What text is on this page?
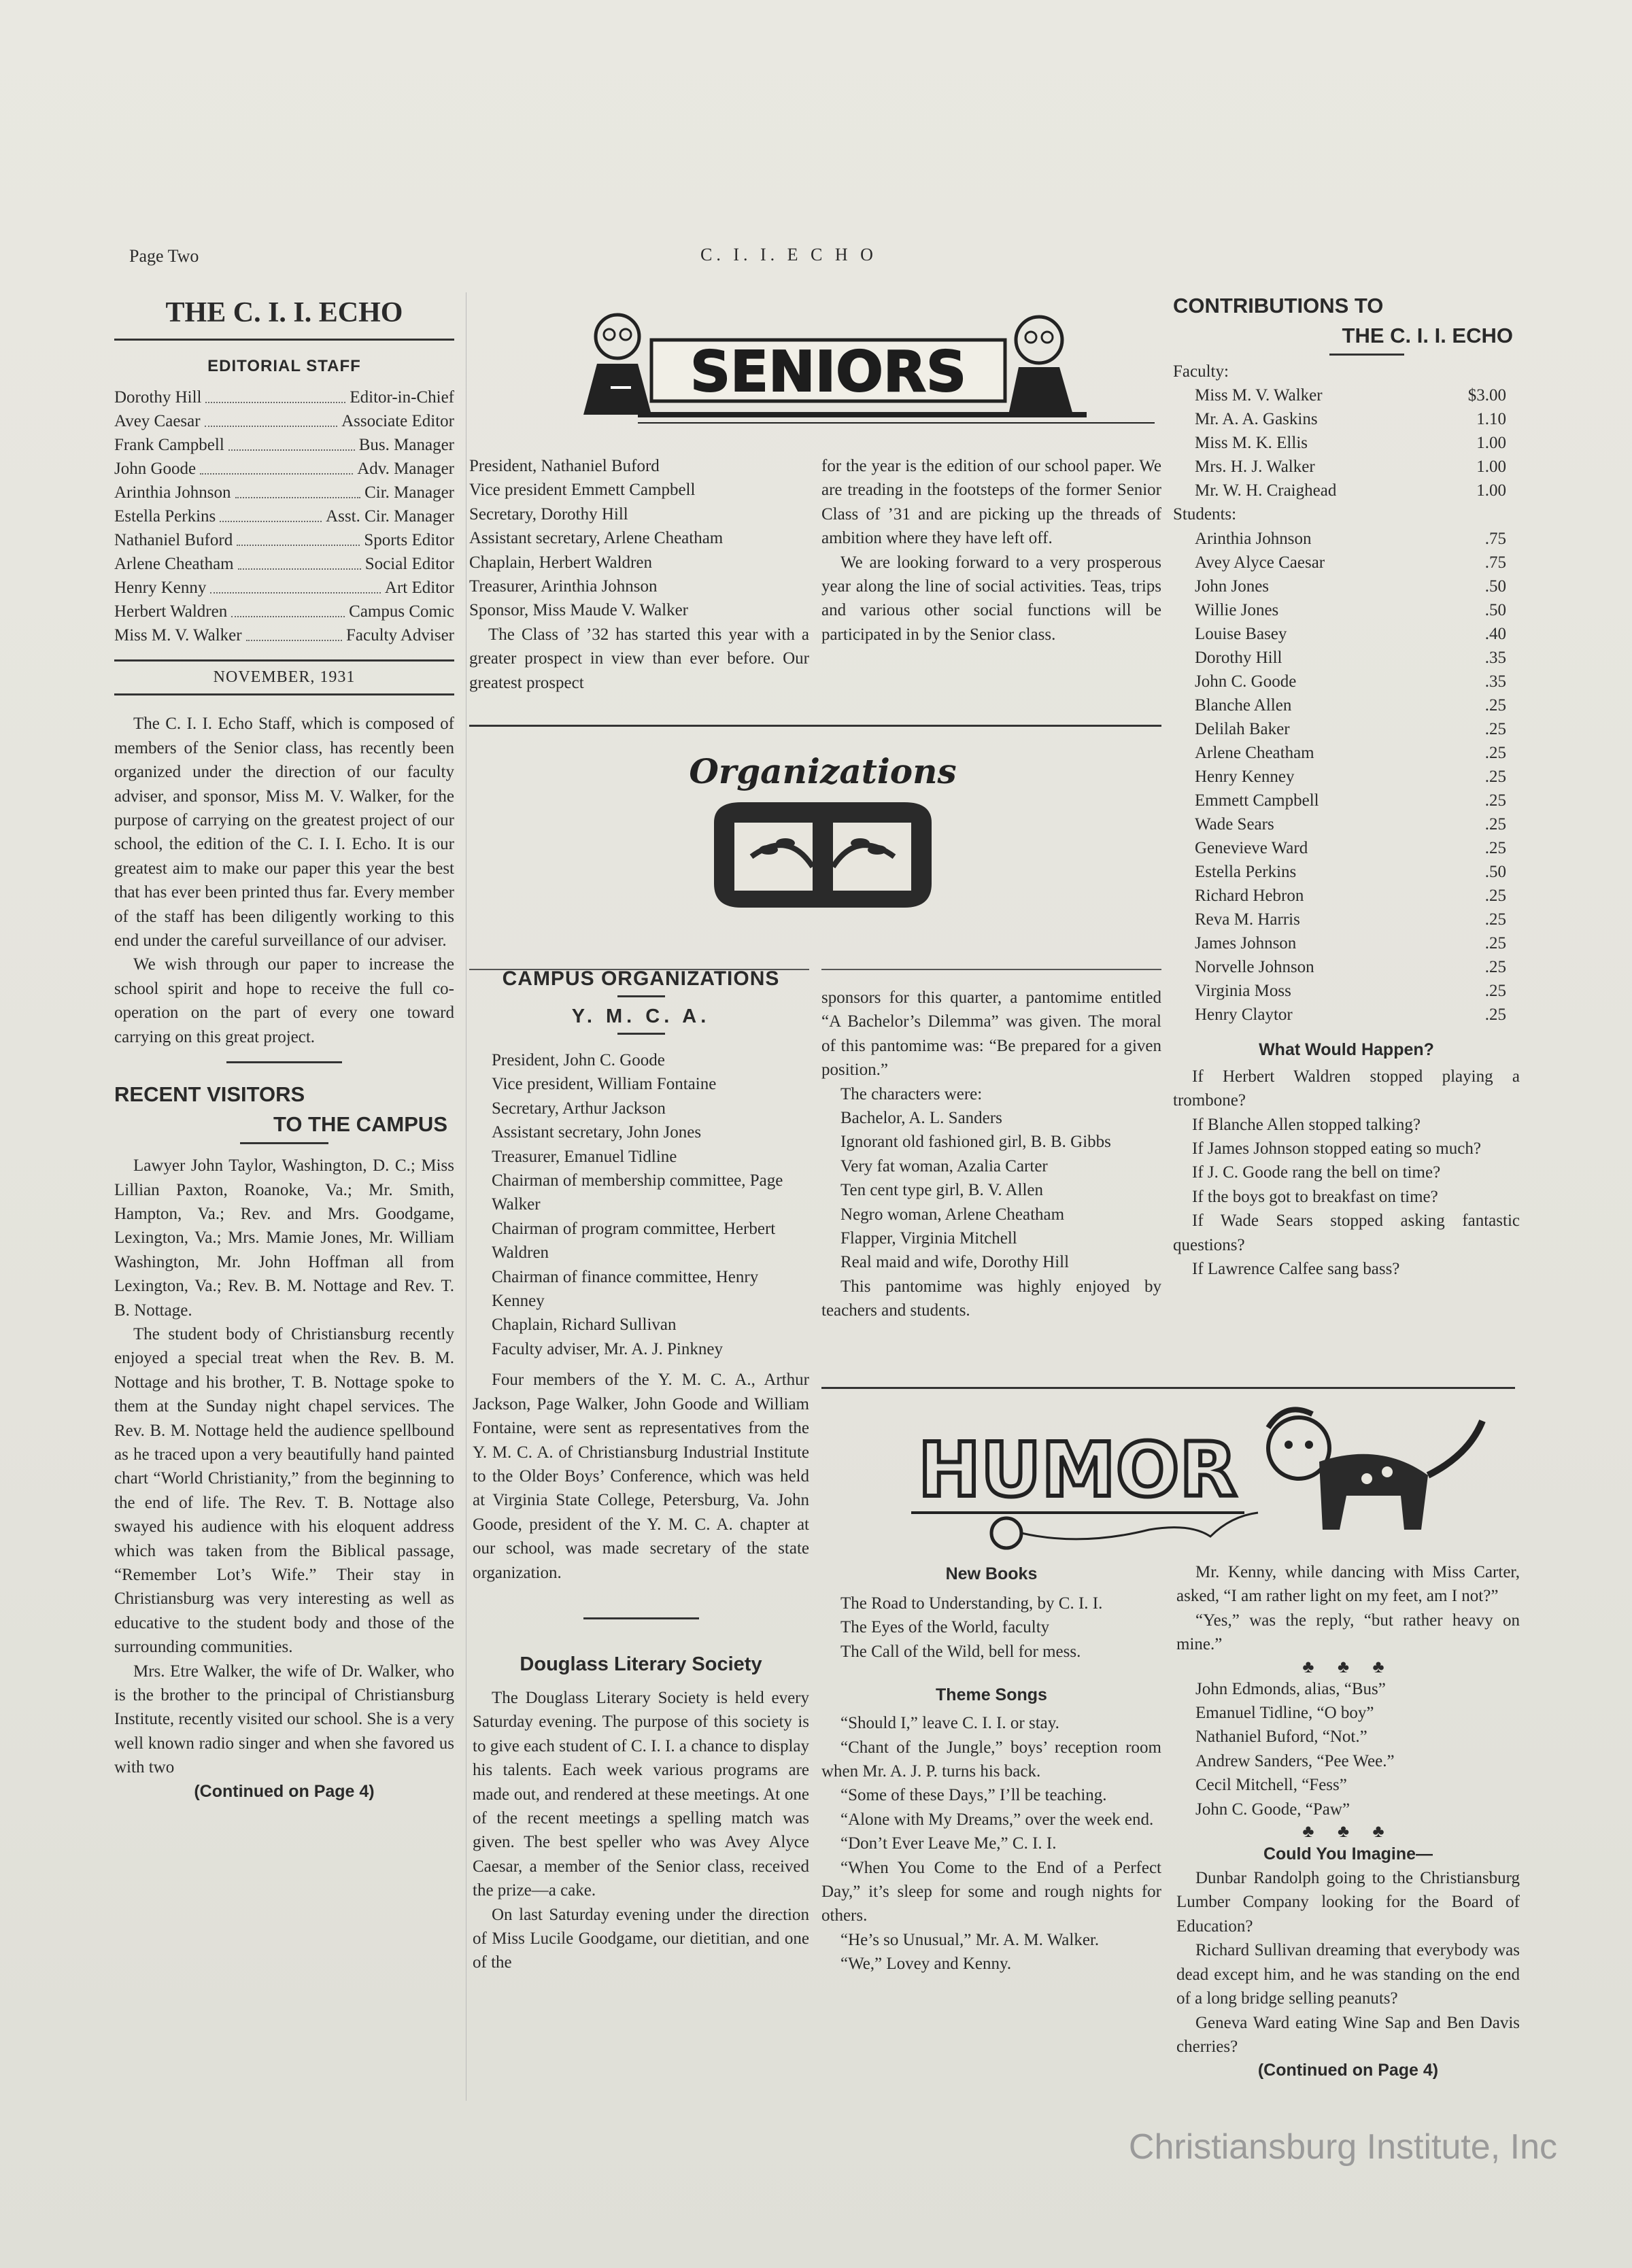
Page Two	C. I. I. E C H O
THE C. I. I. ECHO
EDITORIAL STAFF
Dorothy Hill	Editor-in-Chief
Avey Caesar	Associate Editor
Frank Campbell	Bus. Manager
John Goode	Adv. Manager
Arinthia Johnson	Cir. Manager
Estella Perkins	Asst. Cir. Manager
Nathaniel Buford	Sports Editor
Arlene Cheatham	Social Editor
Henry Kenny	Art Editor
Herbert Waldren	Campus Comic
Miss M. V. Walker	Faculty Adviser
NOVEMBER, 1931

The C. I. I. Echo Staff, which is composed of members of the Senior class, has recently been organized under the direction of our faculty adviser, and sponsor, Miss M. V. Walker, for the purpose of carrying on the greatest project of our school, the edition of the C. I. I. Echo. It is our greatest aim to make our paper this year the best that has ever been printed thus far. Every member of the staff has been diligently working to this end under the careful surveillance of our adviser.

We wish through our paper to increase the school spirit and hope to receive the full co-operation on the part of every one toward carrying on this great project.

RECENT VISITORS
TO THE CAMPUS

Lawyer John Taylor, Washington, D. C.; Miss Lillian Paxton, Roanoke, Va.; Mr. Smith, Hampton, Va.; Rev. and Mrs. Goodgame, Lexington, Va.; Mrs. Mamie Jones, Mr. William Washington, Mr. John Hoffman all from Lexington, Va.; Rev. B. M. Nottage and Rev. T. B. Nottage.

The student body of Christiansburg recently enjoyed a special treat when the Rev. B. M. Nottage and his brother, T. B. Nottage spoke to them at the Sunday night chapel services. The Rev. B. M. Nottage held the audience spellbound as he traced upon a very beautifully hand painted chart “World Christianity,” from the beginning to the end of life. The Rev. T. B. Nottage also swayed his audience with his eloquent address which was taken from the Biblical passage, “Remember Lot’s Wife.” Their stay in Christiansburg was very interesting as well as educative to the student body and those of the surrounding communities.

Mrs. Etre Walker, the wife of Dr. Walker, who is the brother to the principal of Christiansburg Institute, recently visited our school. She is a very well known radio singer and when she favored us with two

(Continued on Page 4)
SENIORS
President, Nathaniel Buford
Vice president Emmett Campbell
Secretary, Dorothy Hill
Assistant secretary, Arlene Cheatham
Chaplain, Herbert Waldren
Treasurer, Arinthia Johnson
Sponsor, Miss Maude V. Walker

The Class of ’32 has started this year with a greater prospect in view than ever before. Our greatest prospect

for the year is the edition of our school paper. We are treading in the footsteps of the former Senior Class of ’31 and are picking up the threads of ambition where they have left off.

We are looking forward to a very prosperous year along the line of social activities. Teas, trips and various other social functions will be participated in by the Senior class.

Organizations
CAMPUS ORGANIZATIONS
Y. M. C. A.
President, John C. Goode
Vice president, William Fontaine
Secretary, Arthur Jackson
Assistant secretary, John Jones
Treasurer, Emanuel Tidline
Chairman of membership committee, Page Walker
Chairman of program committee, Herbert Waldren
Chairman of finance committee, Henry Kenney
Chaplain, Richard Sullivan
Faculty adviser, Mr. A. J. Pinkney

Four members of the Y. M. C. A., Arthur Jackson, Page Walker, John Goode and William Fontaine, were sent as representatives from the Y. M. C. A. of Christiansburg Industrial Institute to the Older Boys’ Conference, which was held at Virginia State College, Petersburg, Va. John Goode, president of the Y. M. C. A. chapter at our school, was made secretary of the state organization.

Douglass Literary Society

The Douglass Literary Society is held every Saturday evening. The purpose of this society is to give each student of C. I. I. a chance to display his talents. Each week various programs are made out, and rendered at these meetings. At one of the recent meetings a spelling match was given. The best speller who was Avey Alyce Caesar, a member of the Senior class, received the prize—a cake.

On last Saturday evening under the direction of Miss Lucile Goodgame, our dietitian, and one of the

sponsors for this quarter, a pantomime entitled “A Bachelor’s Dilemma” was given. The moral of this pantomime was: “Be prepared for a given position.”

The characters were:

Bachelor, A. L. Sanders
Ignorant old fashioned girl, B. B. Gibbs
Very fat woman, Azalia Carter
Ten cent type girl, B. V. Allen
Negro woman, Arlene Cheatham
Flapper, Virginia Mitchell
Real maid and wife, Dorothy Hill

This pantomime was highly enjoyed by teachers and students.

CONTRIBUTIONS TO
THE C. I. I. ECHO
Faculty:
Miss M. V. Walker	$3.00
Mr. A. A. Gaskins	1.10
Miss M. K. Ellis	1.00
Mrs. H. J. Walker	1.00
Mr. W. H. Craighead	1.00
Students:
Arinthia Johnson	.75
Avey Alyce Caesar	.75
John Jones	.50
Willie Jones	.50
Louise Basey	.40
Dorothy Hill	.35
John C. Goode	.35
Blanche Allen	.25
Delilah Baker	.25
Arlene Cheatham	.25
Henry Kenney	.25
Emmett Campbell	.25
Wade Sears	.25
Genevieve Ward	.25
Estella Perkins	.50
Richard Hebron	.25
Reva M. Harris	.25
James Johnson	.25
Norvelle Johnson	.25
Virginia Moss	.25
Henry Claytor	.25
What Would Happen?

If Herbert Waldren stopped playing a trombone?

If Blanche Allen stopped talking?

If James Johnson stopped eating so much?

If J. C. Goode rang the bell on time?

If the boys got to breakfast on time?

If Wade Sears stopped asking fantastic questions?

If Lawrence Calfee sang bass?

HUMOR
New Books

The Road to Understanding, by C. I. I.

The Eyes of the World, faculty

The Call of the Wild, bell for mess.

Theme Songs

“Should I,” leave C. I. I. or stay.

“Chant of the Jungle,” boys’ reception room when Mr. A. J. P. turns his back.

“Some of these Days,” I’ll be teaching.

“Alone with My Dreams,” over the week end.

“Don’t Ever Leave Me,” C. I. I.

“When You Come to the End of a Perfect Day,” it’s sleep for some and rough nights for others.

“He’s so Unusual,” Mr. A. M. Walker.

“We,” Lovey and Kenny.

Mr. Kenny, while dancing with Miss Carter, asked, “I am rather light on my feet, am I not?”

“Yes,” was the reply, “but rather heavy on mine.”

♣ ♣ ♣
John Edmonds, alias, “Bus”
Emanuel Tidline, “O boy”
Nathaniel Buford, “Not.”
Andrew Sanders, “Pee Wee.”
Cecil Mitchell, “Fess”
John C. Goode, “Paw”
♣ ♣ ♣
Could You Imagine—

Dunbar Randolph going to the Christiansburg Lumber Company looking for the Board of Education?

Richard Sullivan dreaming that everybody was dead except him, and he was standing on the end of a long bridge selling peanuts?

Geneva Ward eating Wine Sap and Ben Davis cherries?

(Continued on Page 4)
Christiansburg Institute, Inc
